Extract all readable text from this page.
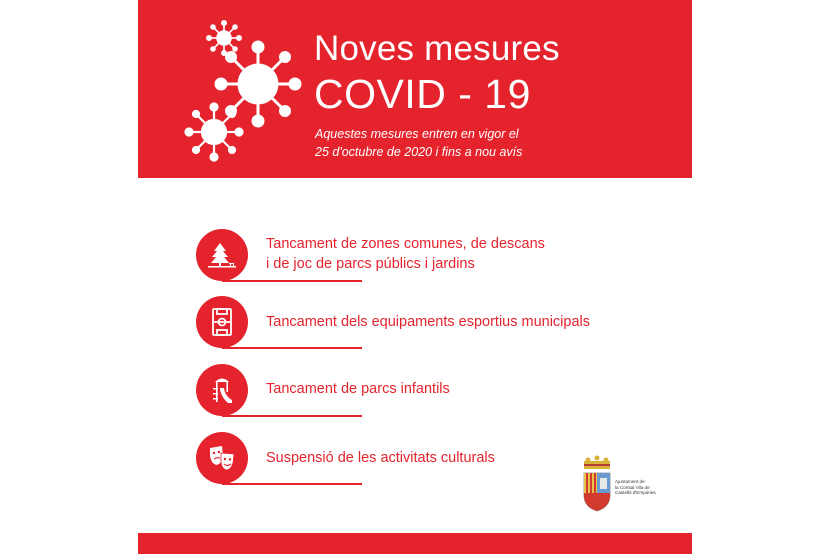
Noves mesures
COVID - 19
Aquestes mesures entren en vigor el
25 d'octubre de 2020 i fins a nou avís
Tancament de zones comunes, de descans
i de joc de parcs públics i jardins
Tancament dels equipaments esportius municipals
Tancament de parcs infantils
Suspensió de les activitats culturals
Ajuntament de
la Comtal Vila de
Castelló d'Empúries
